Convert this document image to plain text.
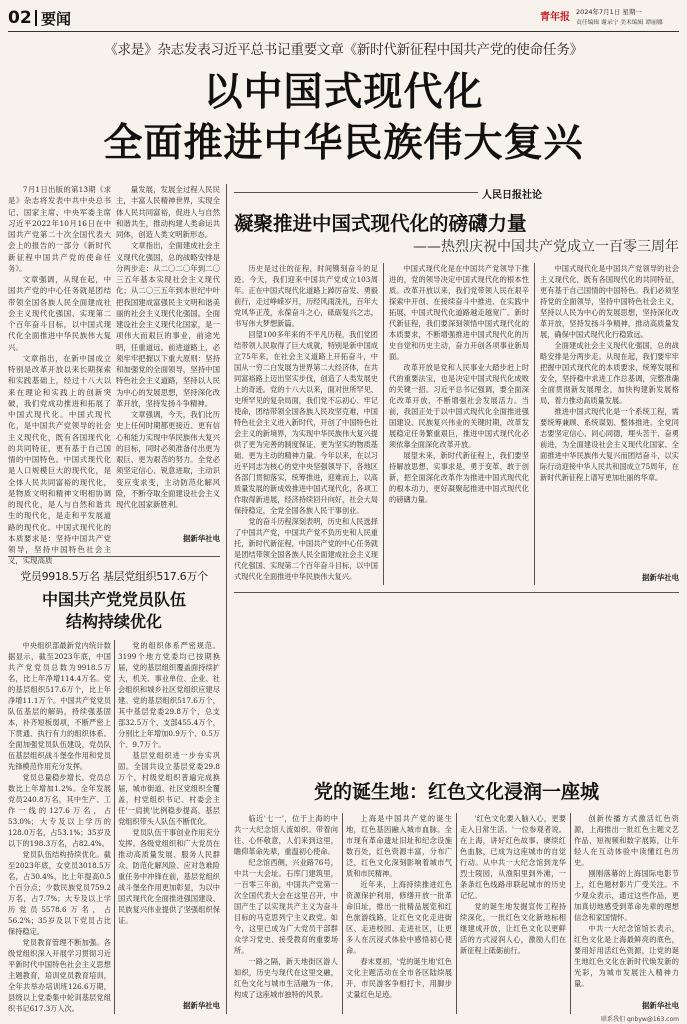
02 要闻	青年报 2024年7月1日 星期一
责任编辑 谢录宁 美术编辑 谭丽娜
《求是》杂志发表习近平总书记重要文章《新时代新征程中国共产党的使命任务》
以中国式现代化
全面推进中华民族伟大复兴

7月1日出版的第13期《求是》杂志将发表中共中央总书记、国家主席、中央军委主席习近平2022年10月16日在中国共产党第二十次全国代表大会上的报告的一部分《新时代新征程中国共产党的使命任务》。

文章强调，从现在起，中国共产党的中心任务就是团结带领全国各族人民全面建成社会主义现代化强国、实现第二个百年奋斗目标，以中国式现代化全面推进中华民族伟大复兴。

文章指出，在新中国成立特别是改革开放以来长期探索和实践基础上，经过十八大以来在理论和实践上的创新突破，我们党成功推进和拓展了中国式现代化。中国式现代化，是中国共产党领导的社会主义现代化，既有各国现代化的共同特征，更有基于自己国情的中国特色。中国式现代化是人口规模巨大的现代化，是全体人民共同富裕的现代化，是物质文明和精神文明相协调的现代化，是人与自然和谐共生的现代化，是走和平发展道路的现代化。中国式现代化的本质要求是：坚持中国共产党领导，坚持中国特色社会主义，实现高质

量发展，发展全过程人民民主，丰富人民精神世界，实现全体人民共同富裕，促进人与自然和谐共生，推动构建人类命运共同体，创造人类文明新形态。

文章指出，全面建成社会主义现代化强国，总的战略安排是分两步走：从二〇二〇年到二〇三五年基本实现社会主义现代化；从二〇三五年到本世纪中叶把我国建成富强民主文明和谐美丽的社会主义现代化强国。全面建设社会主义现代化国家，是一项伟大而艰巨的事业，前途光明，任重道远。前进道路上，必须牢牢把握以下重大原则：坚持和加强党的全面领导，坚持中国特色社会主义道路，坚持以人民为中心的发展思想，坚持深化改革开放，坚持发扬斗争精神。

文章强调，今天，我们比历史上任何时期都更接近、更有信心和能力实现中华民族伟大复兴的目标，同时必须准备付出更为艰巨、更为艰苦的努力。全党必须坚定信心、锐意进取，主动识变应变求变，主动防范化解风险，不断夺取全面建设社会主义现代化国家新胜利。

据新华社电
人民日报社论
凝聚推进中国式现代化的磅礴力量
——热烈庆祝中国共产党成立一百零三周年

历史是过往的征程，时间镌刻奋斗的足迹。今天，我们迎来中国共产党成立103周年。正在中国式现代化道路上踔厉奋发、勇毅前行，走过峥嵘岁月，历经风雨洗礼，百年大党风华正茂，永葆奋斗之心，砥砺复兴之志，书写伟大梦想新篇。

回望100多年来的不平凡历程，我们党团结带领人民取得了巨大成就，特别是新中国成立75年来，在社会主义道路上开拓奋斗，中国从一穷二白发展为世界第二大经济体，在共同富裕路上迈出坚实步伐，创造了人类发展史上的奇迹。党的十八大以来，面对世所罕见、史所罕见的复杂局面，我们党不忘初心、牢记使命，团结带领全国各族人民攻坚克难，中国特色社会主义进入新时代，开创了中国特色社会主义的新境界，为实现中华民族伟大复兴提供了更为完善的制度保证、更为坚实的物质基础、更为主动的精神力量。今年以来，在以习近平同志为核心的党中央坚强领导下，各地区各部门贯彻落实，统筹推进，迎难而上，以高质量发展的新成效推进中国式现代化，各项工作取得新进展，经济持续回升向好，社会大局保持稳定，全党全国各族人民干事创业。

党的奋斗历程深刻表明，历史和人民选择了中国共产党，中国共产党不负历史和人民重托，新时代新征程，中国共产党的中心任务就是团结带领全国各族人民全面建成社会主义现代化强国、实现第二个百年奋斗目标，以中国式现代化全面推进中华民族伟大复兴。

中国式现代化是在中国共产党领导下推进的，党的领导决定中国式现代化的根本性质。改革开放以来，我们党带领人民在艰辛探索中开创、在接续奋斗中推进、在实践中拓展，中国式现代化道路越走越宽广。新时代新征程，我们要深刻领悟中国式现代化的本质要求，不断增强推进中国式现代化的历史自觉和历史主动，奋力开创各项事业新局面。

改革开放是党和人民事业大踏步赶上时代的重要法宝，也是决定中国式现代化成败的关键一招。习近平总书记强调，要全面深化改革开放，不断增强社会发展活力。当前，我国正处于以中国式现代化全面推进强国建设、民族复兴伟业的关键时期，改革发展稳定任务繁重艰巨，推进中国式现代化必须依靠全面深化改革开放。

展望未来，新时代新征程上，我们要坚持解放思想、实事求是，勇于变革、敢于创新，把全面深化改革作为推进中国式现代化的根本动力，更好凝聚起推进中国式现代化的磅礴力量。

中国式现代化是中国共产党领导的社会主义现代化，既有各国现代化的共同特征，更有基于自己国情的中国特色。我们必须坚持党的全面领导，坚持中国特色社会主义，坚持以人民为中心的发展思想，坚持深化改革开放，坚持发扬斗争精神，推动高质量发展，确保中国式现代化行稳致远。

全面建成社会主义现代化强国，总的战略安排是分两步走。从现在起，我们要牢牢把握中国式现代化的本质要求，统筹发展和安全，坚持稳中求进工作总基调，完整准确全面贯彻新发展理念，加快构建新发展格局，着力推动高质量发展。

推进中国式现代化是一个系统工程，需要统筹兼顾、系统谋划、整体推进。全党同志要坚定信心、同心同德，埋头苦干、奋勇前进，为全面建设社会主义现代化国家、全面推进中华民族伟大复兴而团结奋斗，以实际行动迎接中华人民共和国成立75周年，在新时代新征程上谱写更加壮丽的华章。

据新华社电
党员9918.5万名 基层党组织517.6万个
中国共产党党员队伍
结构持续优化

中央组织部最新党内统计数据显示，截至2023年底，中国共产党党员总数为9918.5万名，比上年净增114.4万名。党的基层组织517.6万个，比上年净增11.1万个。中国共产党党员队伍基层的解码，持续强基固本，补齐短板弱项，不断严密上下贯通、执行有力的组织体系。全面加强党员队伍建设，党员队伍基层组织战斗堡垒作用和党员先锋模范作用充分发挥。

党员总量稳步增长。党员总数比上年增加1.2%。全年发展党员240.8万名，其中生产、工作一线的127.6万名，占53.0%；大专及以上学历的128.0万名，占53.1%；35岁及以下的198.3万名，占82.4%。

党员队伍结构持续优化。截至2023年底，女党员3018.5万名，占30.4%，比上年提高0.5个百分点；少数民族党员759.2万名，占7.7%；大专及以上学历党员5578.6万名，占56.2%；35岁及以下党员占比保持稳定。

党员教育管理不断加强。各级党组织深入开展学习贯彻习近平新时代中国特色社会主义思想主题教育，培训党员教育培训，全年共举办培训班126.6万期，县级以上党委集中轮训基层党组织书记617.3万人次。

党的组织体系严密规范。3199个地方党委均已按期换届，党的基层组织覆盖面持续扩大，机关、事业单位、企业、社会组织和城乡社区党组织应建尽建。党的基层组织517.6万个，其中基层党委29.8万个、总支部32.5万个、支部455.4万个，分别比上年增加0.9万个、0.5万个、9.7万个。

基层党组织进一步夯实巩固。全国共设立基层党委29.8万个，村级党组织普遍完成换届，城市街道、社区党组织全覆盖，村党组织书记、村委会主任'一肩挑'比例稳步提高，基层党组织带头人队伍不断优化。

党员队伍干事创业作用充分发挥。各级党组织和广大党员在推动高质量发展、服务人民群众、防范化解风险、应对急难险重任务中冲锋在前，基层党组织战斗堡垒作用更加彰显，为以中国式现代化全面推进强国建设、民族复兴伟业提供了坚强组织保证。

据新华社电
党的诞生地：红色文化浸润一座城

临近'七一'，位于上海的中共一大纪念馆人流如织。带着向往、心怀敬意，人们来到这里，瞻仰革命先辈，重温初心使命。

纪念馆西侧，兴业路76号，中共一大会址。石库门建筑里，一百零三年前，中国共产党第一次全国代表大会在这里召开，中国产生了以实现共产主义为奋斗目标的马克思列宁主义政党。如今，这里已成为广大党员干部群众学习党史、接受教育的重要场所。

一路之隔，新天地街区游人如织，历史与现代在这里交融，红色文化与城市生活融为一体，构成了这座城市独特的风景。

上海是中国共产党的诞生地，红色基因融入城市血脉。全市现有革命遗址旧址和纪念设施数百处，红色资源丰富，分布广泛，红色文化深刻影响着城市气质和市民精神。

近年来，上海持续推进红色资源保护利用，修缮开放一批革命旧址，推出一批精品展览和红色旅游线路，让红色文化走进街区、走进校园、走进社区，让更多人在沉浸式体验中感悟初心使命。

春末夏初，'党的诞生地'红色文化主题活动在全市各区陆续展开，市民游客争相打卡，用脚步丈量红色足迹。

'红色文化要入脑入心，更要走入日常生活。'一位参观者说。在上海，讲好红色故事、赓续红色血脉，已成为这座城市的自觉行动。从中共一大纪念馆到龙华烈士陵园，从渔阳里到外滩，一条条红色线路串联起城市的历史记忆。

党的诞生地发掘宣传工程持续深化，一批红色文化新地标相继建成开放，让红色文化以更鲜活的方式浸润人心，激励人们在新征程上砥砺前行。

创新传播方式激活红色资源，上海推出一批红色主题文艺作品、短视频和数字展陈，让年轻人在互动体验中读懂红色历史。

刚刚落幕的上海国际电影节上，红色题材影片广受关注。不少观众表示，通过这些作品，更加真切地感受到革命先辈的理想信念和家国情怀。

中共一大纪念馆馆长表示，红色文化是上海最鲜亮的底色，要用好用活红色资源，让党的诞生地红色文化在新时代焕发新的光彩，为城市发展注入精神力量。

据新华社电
联系我们 qnbyw@163.com
